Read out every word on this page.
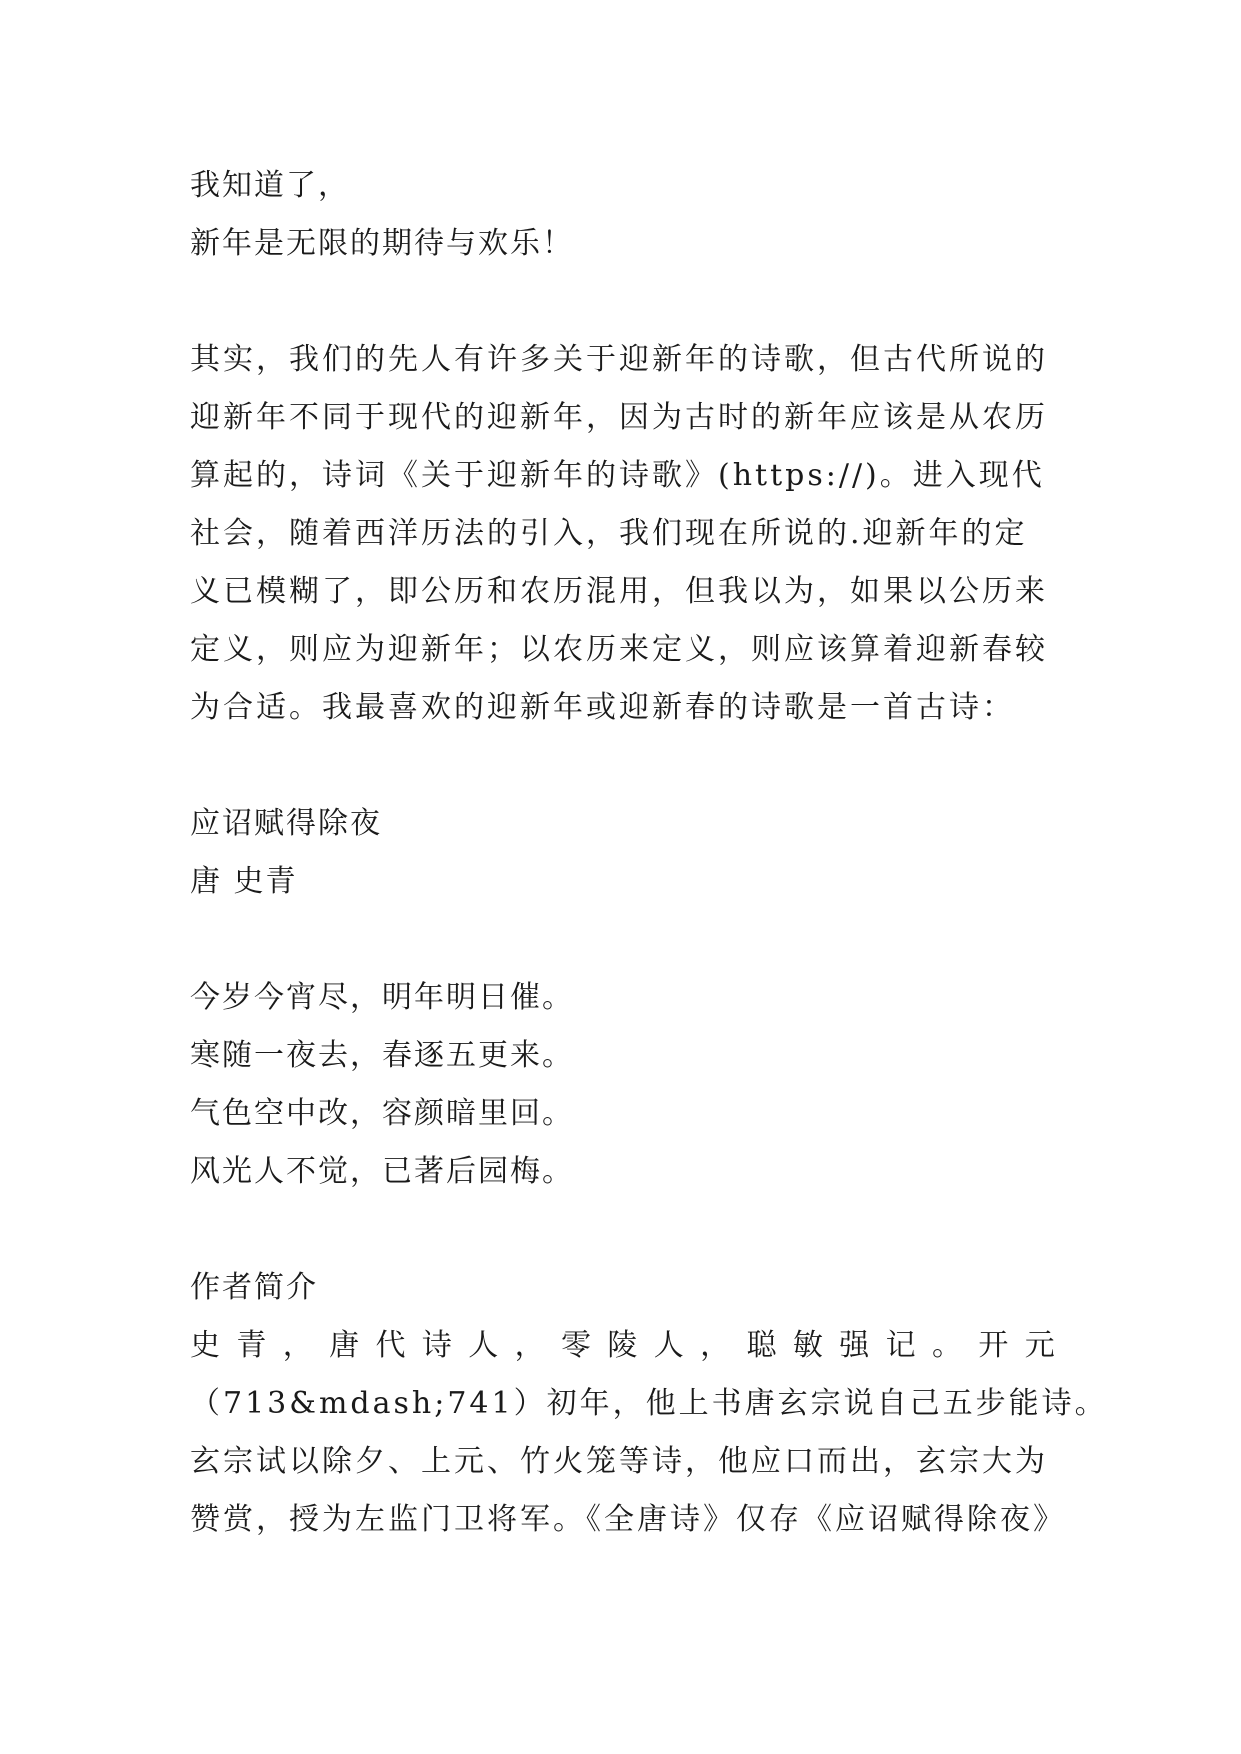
我知道了，
新年是无限的期待与欢乐！
其实，我们的先人有许多关于迎新年的诗歌，但古代所说的
迎新年不同于现代的迎新年，因为古时的新年应该是从农历
算起的，诗词《关于迎新年的诗歌》(https://)。进入现代
社会，随着西洋历法的引入，我们现在所说的.迎新年的定
义已模糊了，即公历和农历混用，但我以为，如果以公历来
定义，则应为迎新年；以农历来定义，则应该算着迎新春较
为合适。我最喜欢的迎新年或迎新春的诗歌是一首古诗：
应诏赋得除夜
唐 史青
今岁今宵尽，明年明日催。
寒随一夜去，春逐五更来。
气色空中改，容颜暗里回。
风光人不觉，已著后园梅。
作者简介
史 青 ， 唐 代 诗 人 ， 零 陵 人 ， 聪 敏 强 记 。 开 元
（713&mdash;741）初年，他上书唐玄宗说自己五步能诗。
玄宗试以除夕、上元、竹火笼等诗，他应口而出，玄宗大为
赞赏，授为左监门卫将军。《全唐诗》仅存《应诏赋得除夜》
